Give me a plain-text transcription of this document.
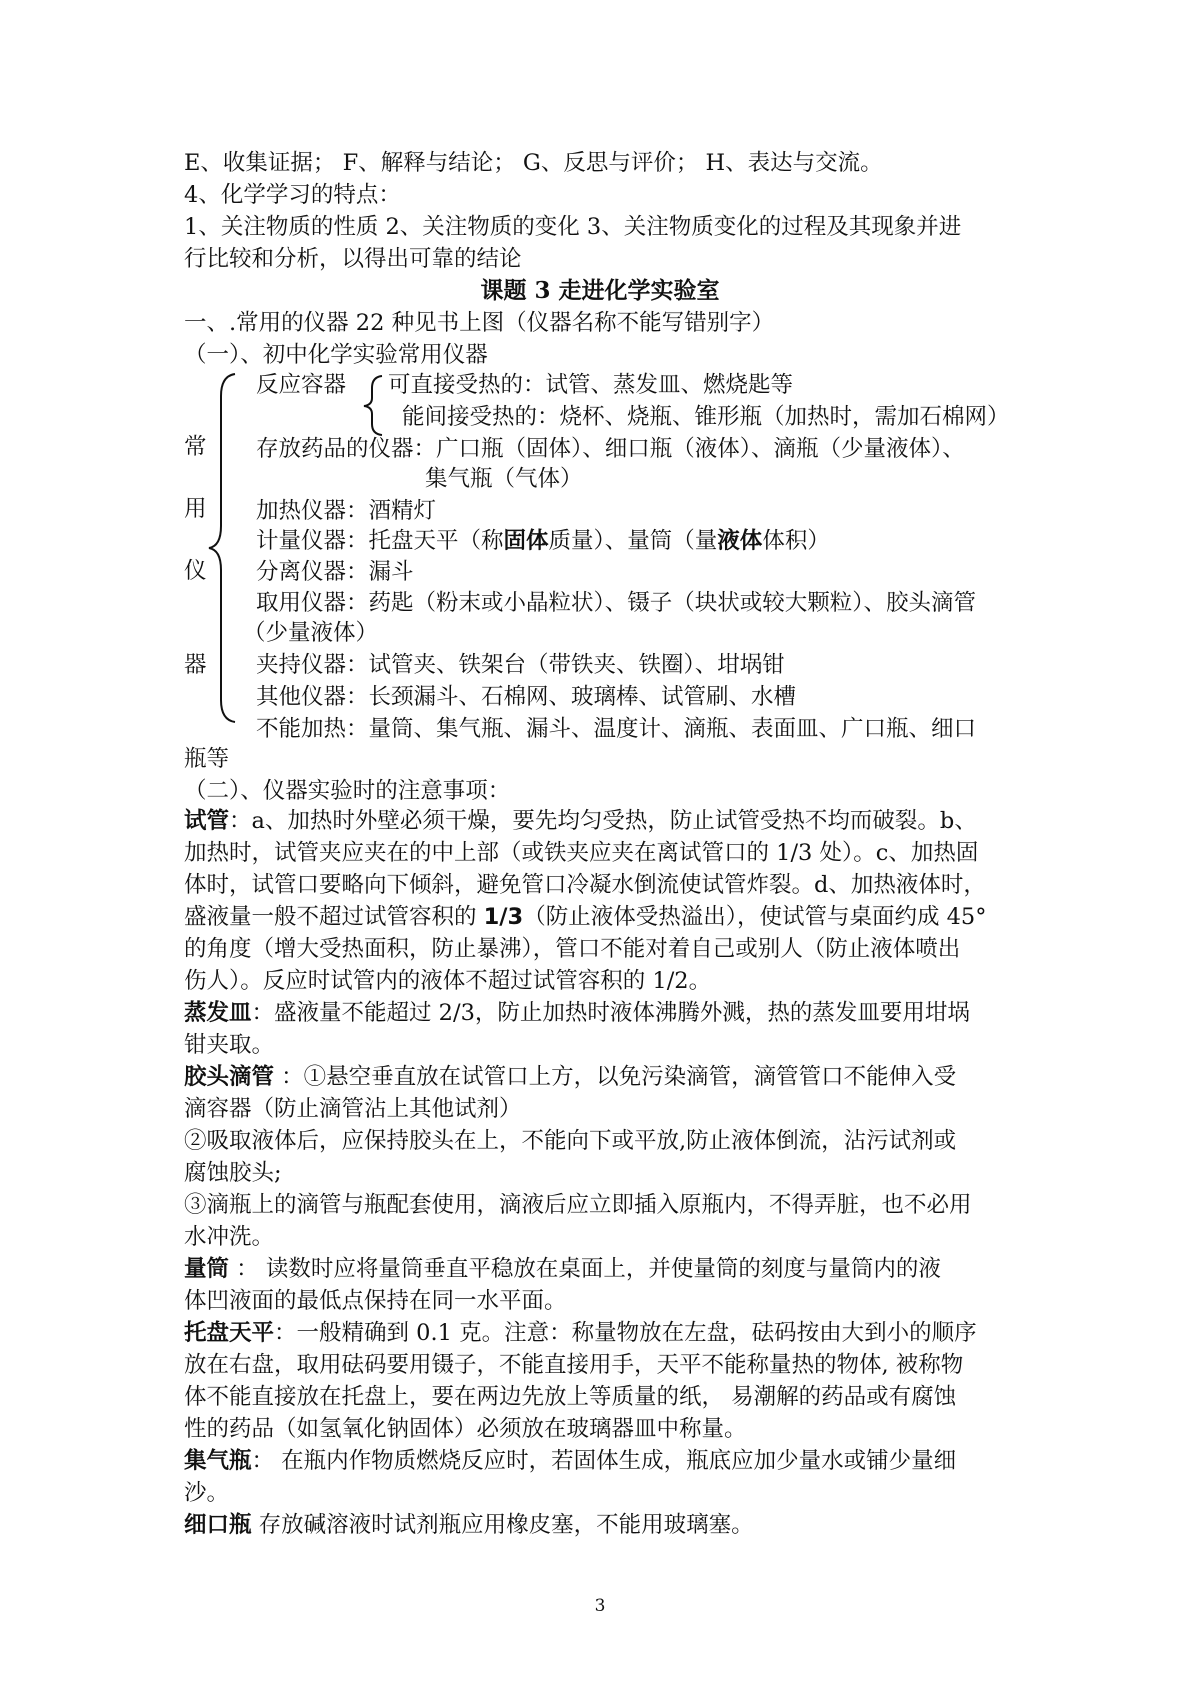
E、收集证据； F、解释与结论； G、反思与评价； H、表达与交流。
4、化学学习的特点：
1、关注物质的性质 2、关注物质的变化 3、关注物质变化的过程及其现象并进
行比较和分析，以得出可靠的结论
课题 3 走进化学实验室
一、.常用的仪器 22 种见书上图（仪器名称不能写错别字）
（一）、初中化学实验常用仪器
常
用
仪
器
反应容器 可直接受热的：试管、蒸发皿、燃烧匙等
能间接受热的：烧杯、烧瓶、锥形瓶（加热时，需加石棉网）
存放药品的仪器：广口瓶（固体）、细口瓶（液体）、滴瓶（少量液体）、
集气瓶（气体）
加热仪器：酒精灯
计量仪器：托盘天平（称固体质量）、量筒（量液体体积）
分离仪器：漏斗
取用仪器：药匙（粉末或小晶粒状）、镊子（块状或较大颗粒）、胶头滴管
（少量液体）
夹持仪器：试管夹、铁架台（带铁夹、铁圈）、坩埚钳
其他仪器：长颈漏斗、石棉网、玻璃棒、试管刷、水槽
不能加热：量筒、集气瓶、漏斗、温度计、滴瓶、表面皿、广口瓶、细口
瓶等
（二）、仪器实验时的注意事项：
试管：a、加热时外壁必须干燥，要先均匀受热，防止试管受热不均而破裂。b、
加热时，试管夹应夹在的中上部（或铁夹应夹在离试管口的 1/3 处）。c、加热固
体时，试管口要略向下倾斜，避免管口冷凝水倒流使试管炸裂。d、加热液体时，
盛液量一般不超过试管容积的 1/3（防止液体受热溢出），使试管与桌面约成 45°
的角度（增大受热面积，防止暴沸），管口不能对着自己或别人（防止液体喷出
伤人）。反应时试管内的液体不超过试管容积的 1/2。
蒸发皿：盛液量不能超过 2/3，防止加热时液体沸腾外溅，热的蒸发皿要用坩埚
钳夹取。
胶头滴管 ：①悬空垂直放在试管口上方，以免污染滴管，滴管管口不能伸入受
滴容器（防止滴管沾上其他试剂）
②吸取液体后，应保持胶头在上，不能向下或平放,防止液体倒流，沾污试剂或
腐蚀胶头;
③滴瓶上的滴管与瓶配套使用，滴液后应立即插入原瓶内，不得弄脏，也不必用
水冲洗。
量筒 ： 读数时应将量筒垂直平稳放在桌面上，并使量筒的刻度与量筒内的液
体凹液面的最低点保持在同一水平面。
托盘天平：一般精确到 0.1 克。注意：称量物放在左盘，砝码按由大到小的顺序
放在右盘，取用砝码要用镊子，不能直接用手，天平不能称量热的物体, 被称物
体不能直接放在托盘上，要在两边先放上等质量的纸， 易潮解的药品或有腐蚀
性的药品（如氢氧化钠固体）必须放在玻璃器皿中称量。
集气瓶： 在瓶内作物质燃烧反应时，若固体生成，瓶底应加少量水或铺少量细
沙。
细口瓶 存放碱溶液时试剂瓶应用橡皮塞，不能用玻璃塞。
3
